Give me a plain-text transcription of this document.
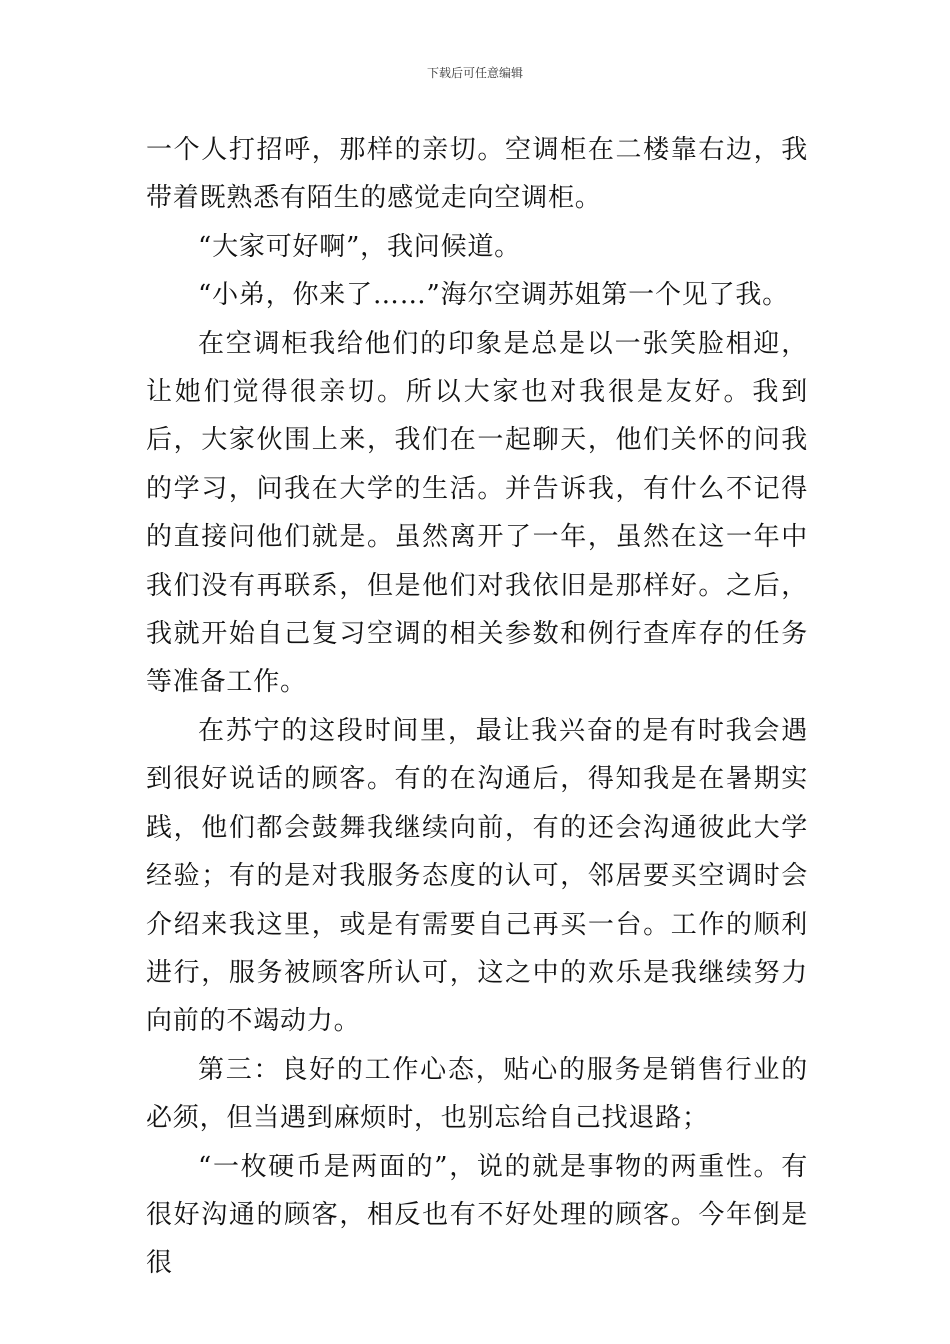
下载后可任意编辑

一个人打招呼，那样的亲切。空调柜在二楼靠右边，我带着既熟悉有陌生的感觉走向空调柜。

“大家可好啊”，我问候道。

“小弟，你来了……”海尔空调苏姐第一个见了我。

在空调柜我给他们的印象是总是以一张笑脸相迎，让她们觉得很亲切。所以大家也对我很是友好。我到后，大家伙围上来，我们在一起聊天，他们关怀的问我的学习，问我在大学的生活。并告诉我，有什么不记得的直接问他们就是。虽然离开了一年，虽然在这一年中我们没有再联系，但是他们对我依旧是那样好。之后，我就开始自己复习空调的相关参数和例行查库存的任务等准备工作。

在苏宁的这段时间里，最让我兴奋的是有时我会遇到很好说话的顾客。有的在沟通后，得知我是在暑期实践，他们都会鼓舞我继续向前，有的还会沟通彼此大学经验；有的是对我服务态度的认可，邻居要买空调时会介绍来我这里，或是有需要自己再买一台。工作的顺利进行，服务被顾客所认可，这之中的欢乐是我继续努力向前的不竭动力。

第三：良好的工作心态，贴心的服务是销售行业的必须，但当遇到麻烦时，也别忘给自己找退路；

“一枚硬币是两面的”，说的就是事物的两重性。有很好沟通的顾客，相反也有不好处理的顾客。今年倒是很
